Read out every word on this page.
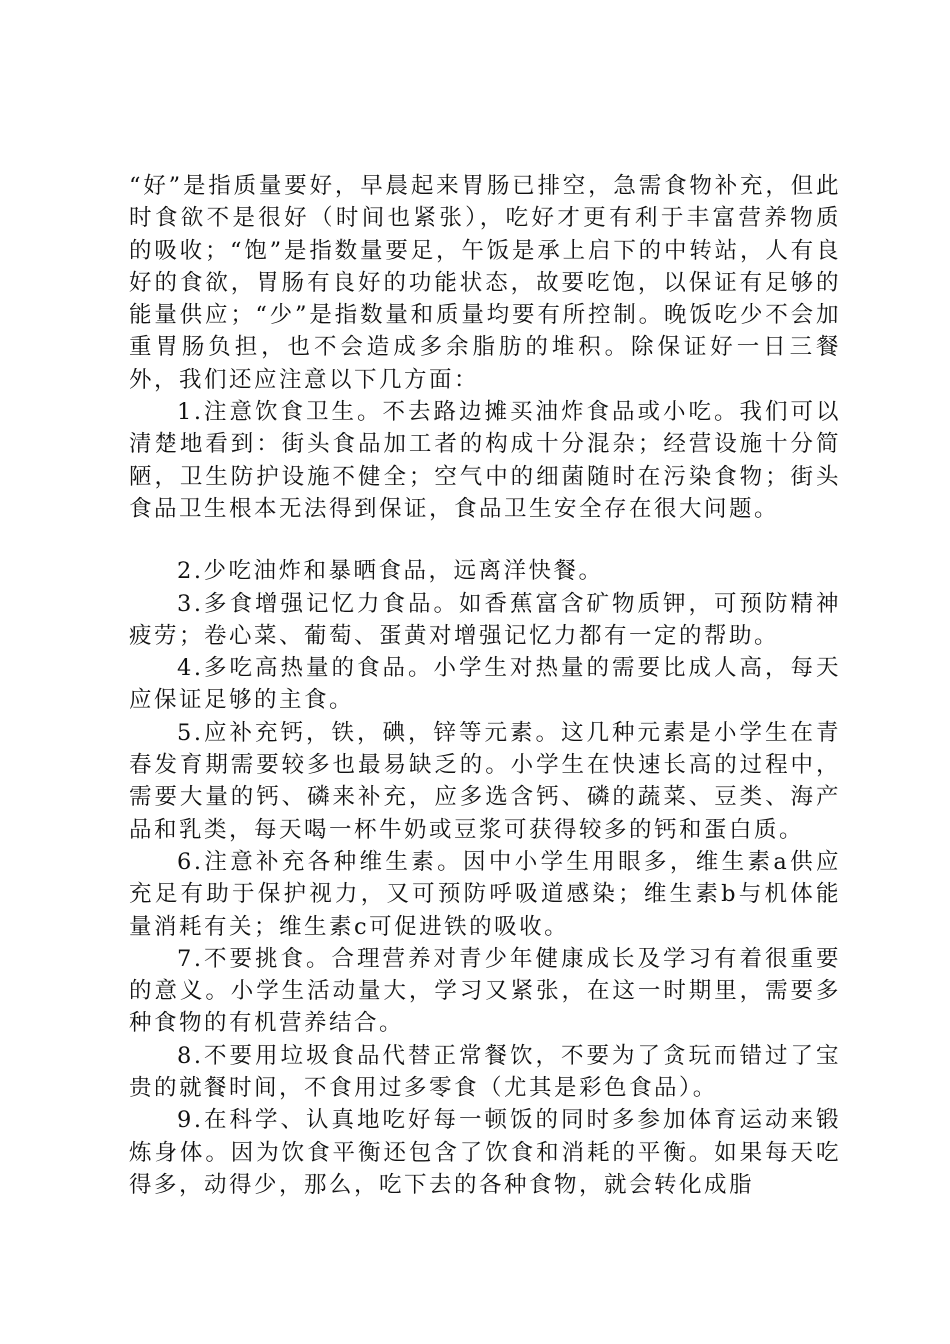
“好”是指质量要好，早晨起来胃肠已排空，急需食物补充，但此时食欲不是很好（时间也紧张），吃好才更有利于丰富营养物质的吸收；“饱”是指数量要足，午饭是承上启下的中转站，人有良好的食欲，胃肠有良好的功能状态，故要吃饱，以保证有足够的能量供应；“少”是指数量和质量均要有所控制。晚饭吃少不会加重胃肠负担，也不会造成多余脂肪的堆积。除保证好一日三餐外，我们还应注意以下几方面：

1.注意饮食卫生。不去路边摊买油炸食品或小吃。我们可以清楚地看到：街头食品加工者的构成十分混杂；经营设施十分简陋，卫生防护设施不健全；空气中的细菌随时在污染食物；街头食品卫生根本无法得到保证，食品卫生安全存在很大问题。

2.少吃油炸和暴晒食品，远离洋快餐。

3.多食增强记忆力食品。如香蕉富含矿物质钾，可预防精神疲劳；卷心菜、葡萄、蛋黄对增强记忆力都有一定的帮助。

4.多吃高热量的食品。小学生对热量的需要比成人高，每天应保证足够的主食。

5.应补充钙，铁，碘，锌等元素。这几种元素是小学生在青春发育期需要较多也最易缺乏的。小学生在快速长高的过程中，需要大量的钙、磷来补充，应多选含钙、磷的蔬菜、豆类、海产品和乳类，每天喝一杯牛奶或豆浆可获得较多的钙和蛋白质。

6.注意补充各种维生素。因中小学生用眼多，维生素a供应充足有助于保护视力，又可预防呼吸道感染；维生素b与机体能量消耗有关；维生素c可促进铁的吸收。

7.不要挑食。合理营养对青少年健康成长及学习有着很重要的意义。小学生活动量大，学习又紧张，在这一时期里，需要多种食物的有机营养结合。

8.不要用垃圾食品代替正常餐饮，不要为了贪玩而错过了宝贵的就餐时间，不食用过多零食（尤其是彩色食品）。

9.在科学、认真地吃好每一顿饭的同时多参加体育运动来锻炼身体。因为饮食平衡还包含了饮食和消耗的平衡。如果每天吃得多，动得少，那么，吃下去的各种食物，就会转化成脂
